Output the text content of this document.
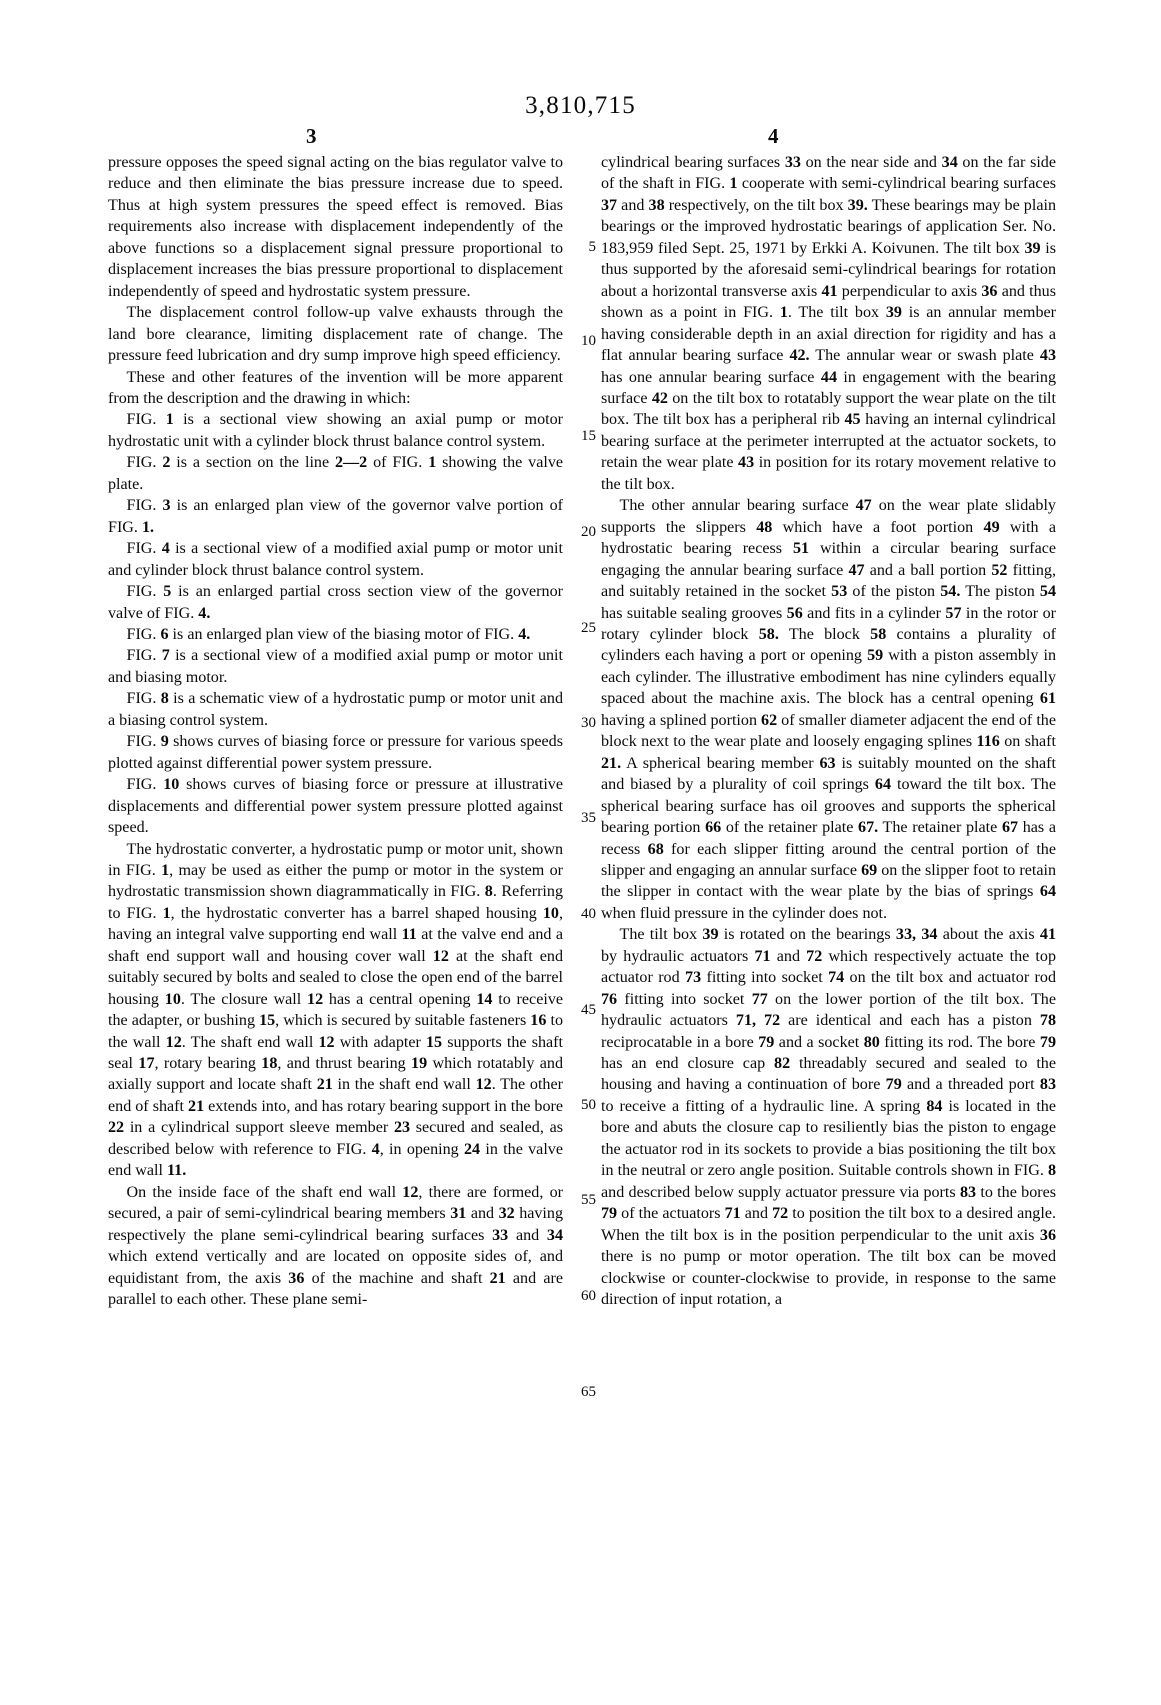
3,810,715
3	4

pressure opposes the speed signal acting on the bias regulator valve to reduce and then eliminate the bias pressure increase due to speed. Thus at high system pressures the speed effect is removed. Bias requirements also increase with displacement independently of the above functions so a displacement signal pressure proportional to displacement increases the bias pressure proportional to displacement independently of speed and hydrostatic system pressure.

The displacement control follow-up valve exhausts through the land bore clearance, limiting displacement rate of change. The pressure feed lubrication and dry sump improve high speed efficiency.

These and other features of the invention will be more apparent from the description and the drawing in which:

FIG. 1 is a sectional view showing an axial pump or motor hydrostatic unit with a cylinder block thrust balance control system.

FIG. 2 is a section on the line 2—2 of FIG. 1 showing the valve plate.

FIG. 3 is an enlarged plan view of the governor valve portion of FIG. 1.

FIG. 4 is a sectional view of a modified axial pump or motor unit and cylinder block thrust balance control system.

FIG. 5 is an enlarged partial cross section view of the governor valve of FIG. 4.

FIG. 6 is an enlarged plan view of the biasing motor of FIG. 4.

FIG. 7 is a sectional view of a modified axial pump or motor unit and biasing motor.

FIG. 8 is a schematic view of a hydrostatic pump or motor unit and a biasing control system.

FIG. 9 shows curves of biasing force or pressure for various speeds plotted against differential power system pressure.

FIG. 10 shows curves of biasing force or pressure at illustrative displacements and differential power system pressure plotted against speed.

The hydrostatic converter, a hydrostatic pump or motor unit, shown in FIG. 1, may be used as either the pump or motor in the system or hydrostatic transmission shown diagrammatically in FIG. 8. Referring to FIG. 1, the hydrostatic converter has a barrel shaped housing 10, having an integral valve supporting end wall 11 at the valve end and a shaft end support wall and housing cover wall 12 at the shaft end suitably secured by bolts and sealed to close the open end of the barrel housing 10. The closure wall 12 has a central opening 14 to receive the adapter, or bushing 15, which is secured by suitable fasteners 16 to the wall 12. The shaft end wall 12 with adapter 15 supports the shaft seal 17, rotary bearing 18, and thrust bearing 19 which rotatably and axially support and locate shaft 21 in the shaft end wall 12. The other end of shaft 21 extends into, and has rotary bearing support in the bore 22 in a cylindrical support sleeve member 23 secured and sealed, as described below with reference to FIG. 4, in opening 24 in the valve end wall 11.

On the inside face of the shaft end wall 12, there are formed, or secured, a pair of semi-cylindrical bearing members 31 and 32 having respectively the plane semi-cylindrical bearing surfaces 33 and 34 which extend vertically and are located on opposite sides of, and equidistant from, the axis 36 of the machine and shaft 21 and are parallel to each other. These plane semi-

5
10
15
20
25
30
35
40
45
50
55
60
65

cylindrical bearing surfaces 33 on the near side and 34 on the far side of the shaft in FIG. 1 cooperate with semi-cylindrical bearing surfaces 37 and 38 respectively, on the tilt box 39. These bearings may be plain bearings or the improved hydrostatic bearings of application Ser. No. 183,959 filed Sept. 25, 1971 by Erkki A. Koivunen. The tilt box 39 is thus supported by the aforesaid semi-cylindrical bearings for rotation about a horizontal transverse axis 41 perpendicular to axis 36 and thus shown as a point in FIG. 1. The tilt box 39 is an annular member having considerable depth in an axial direction for rigidity and has a flat annular bearing surface 42. The annular wear or swash plate 43 has one annular bearing surface 44 in engagement with the bearing surface 42 on the tilt box to rotatably support the wear plate on the tilt box. The tilt box has a peripheral rib 45 having an internal cylindrical bearing surface at the perimeter interrupted at the actuator sockets, to retain the wear plate 43 in position for its rotary movement relative to the tilt box.

The other annular bearing surface 47 on the wear plate slidably supports the slippers 48 which have a foot portion 49 with a hydrostatic bearing recess 51 within a circular bearing surface engaging the annular bearing surface 47 and a ball portion 52 fitting, and suitably retained in the socket 53 of the piston 54. The piston 54 has suitable sealing grooves 56 and fits in a cylinder 57 in the rotor or rotary cylinder block 58. The block 58 contains a plurality of cylinders each having a port or opening 59 with a piston assembly in each cylinder. The illustrative embodiment has nine cylinders equally spaced about the machine axis. The block has a central opening 61 having a splined portion 62 of smaller diameter adjacent the end of the block next to the wear plate and loosely engaging splines 116 on shaft 21. A spherical bearing member 63 is suitably mounted on the shaft and biased by a plurality of coil springs 64 toward the tilt box. The spherical bearing surface has oil grooves and supports the spherical bearing portion 66 of the retainer plate 67. The retainer plate 67 has a recess 68 for each slipper fitting around the central portion of the slipper and engaging an annular surface 69 on the slipper foot to retain the slipper in contact with the wear plate by the bias of springs 64 when fluid pressure in the cylinder does not.

The tilt box 39 is rotated on the bearings 33, 34 about the axis 41 by hydraulic actuators 71 and 72 which respectively actuate the top actuator rod 73 fitting into socket 74 on the tilt box and actuator rod 76 fitting into socket 77 on the lower portion of the tilt box. The hydraulic actuators 71, 72 are identical and each has a piston 78 reciprocatable in a bore 79 and a socket 80 fitting its rod. The bore 79 has an end closure cap 82 threadably secured and sealed to the housing and having a continuation of bore 79 and a threaded port 83 to receive a fitting of a hydraulic line. A spring 84 is located in the bore and abuts the closure cap to resiliently bias the piston to engage the actuator rod in its sockets to provide a bias positioning the tilt box in the neutral or zero angle position. Suitable controls shown in FIG. 8 and described below supply actuator pressure via ports 83 to the bores 79 of the actuators 71 and 72 to position the tilt box to a desired angle. When the tilt box is in the position perpendicular to the unit axis 36 there is no pump or motor operation. The tilt box can be moved clockwise or counter-clockwise to provide, in response to the same direction of input rotation, a
